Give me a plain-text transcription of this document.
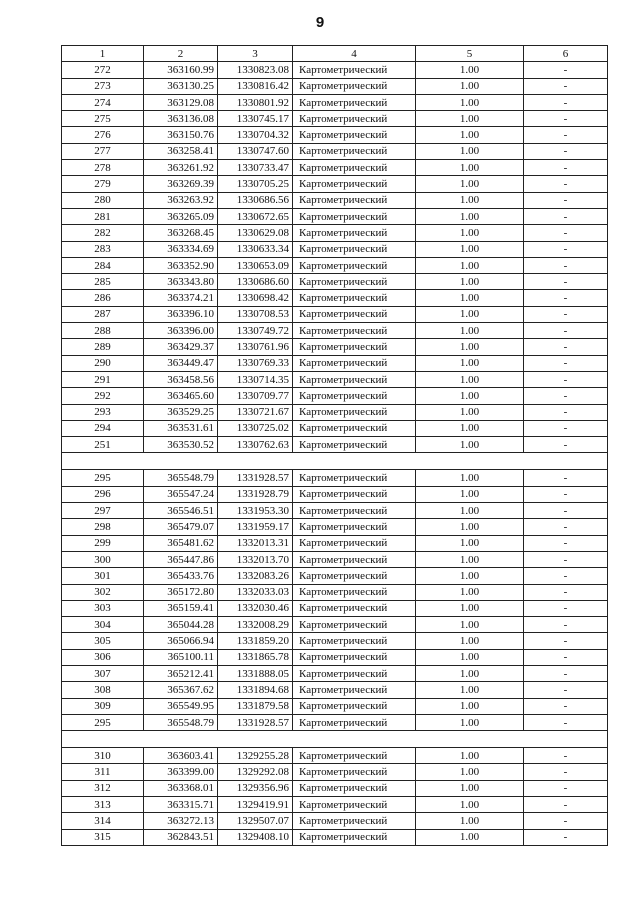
9
1	2	3	4	5	6
272	363160.99	1330823.08	Картометрический	1.00	-
273	363130.25	1330816.42	Картометрический	1.00	-
274	363129.08	1330801.92	Картометрический	1.00	-
275	363136.08	1330745.17	Картометрический	1.00	-
276	363150.76	1330704.32	Картометрический	1.00	-
277	363258.41	1330747.60	Картометрический	1.00	-
278	363261.92	1330733.47	Картометрический	1.00	-
279	363269.39	1330705.25	Картометрический	1.00	-
280	363263.92	1330686.56	Картометрический	1.00	-
281	363265.09	1330672.65	Картометрический	1.00	-
282	363268.45	1330629.08	Картометрический	1.00	-
283	363334.69	1330633.34	Картометрический	1.00	-
284	363352.90	1330653.09	Картометрический	1.00	-
285	363343.80	1330686.60	Картометрический	1.00	-
286	363374.21	1330698.42	Картометрический	1.00	-
287	363396.10	1330708.53	Картометрический	1.00	-
288	363396.00	1330749.72	Картометрический	1.00	-
289	363429.37	1330761.96	Картометрический	1.00	-
290	363449.47	1330769.33	Картометрический	1.00	-
291	363458.56	1330714.35	Картометрический	1.00	-
292	363465.60	1330709.77	Картометрический	1.00	-
293	363529.25	1330721.67	Картометрический	1.00	-
294	363531.61	1330725.02	Картометрический	1.00	-
251	363530.52	1330762.63	Картометрический	1.00	-

295	365548.79	1331928.57	Картометрический	1.00	-
296	365547.24	1331928.79	Картометрический	1.00	-
297	365546.51	1331953.30	Картометрический	1.00	-
298	365479.07	1331959.17	Картометрический	1.00	-
299	365481.62	1332013.31	Картометрический	1.00	-
300	365447.86	1332013.70	Картометрический	1.00	-
301	365433.76	1332083.26	Картометрический	1.00	-
302	365172.80	1332033.03	Картометрический	1.00	-
303	365159.41	1332030.46	Картометрический	1.00	-
304	365044.28	1332008.29	Картометрический	1.00	-
305	365066.94	1331859.20	Картометрический	1.00	-
306	365100.11	1331865.78	Картометрический	1.00	-
307	365212.41	1331888.05	Картометрический	1.00	-
308	365367.62	1331894.68	Картометрический	1.00	-
309	365549.95	1331879.58	Картометрический	1.00	-
295	365548.79	1331928.57	Картометрический	1.00	-

310	363603.41	1329255.28	Картометрический	1.00	-
311	363399.00	1329292.08	Картометрический	1.00	-
312	363368.01	1329356.96	Картометрический	1.00	-
313	363315.71	1329419.91	Картометрический	1.00	-
314	363272.13	1329507.07	Картометрический	1.00	-
315	362843.51	1329408.10	Картометрический	1.00	-
